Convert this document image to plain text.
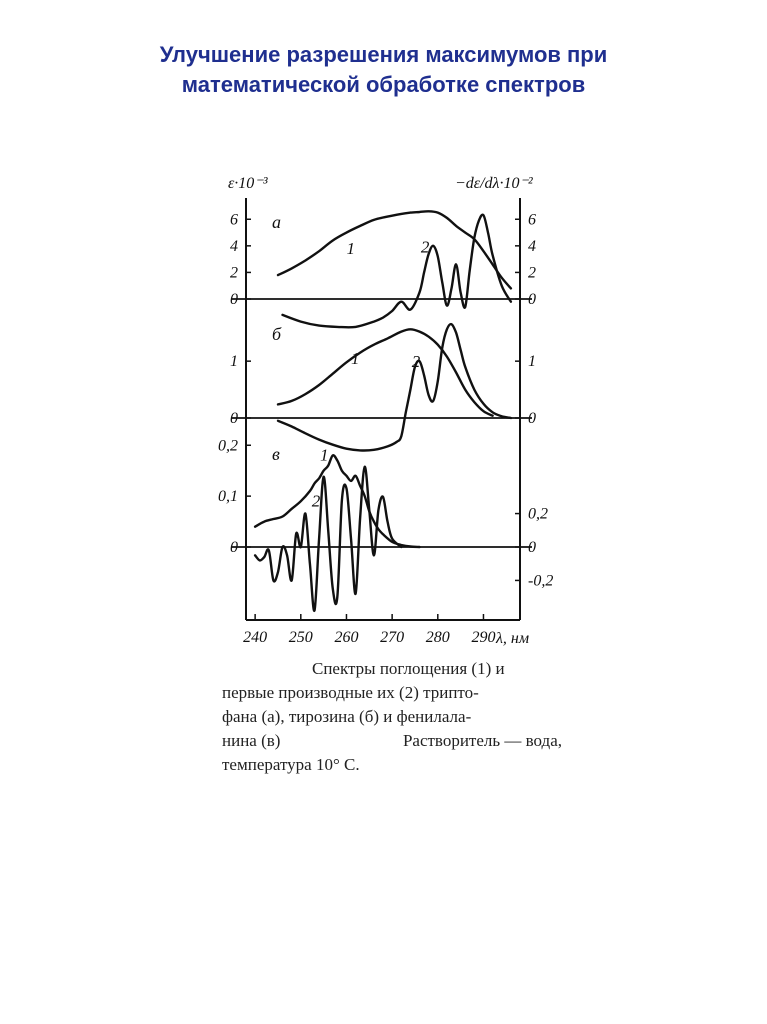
Улучшение разрешения максимумов при
математической обработке спектров
ε·10⁻³	−dε/dλ·10⁻²
λ, нм
240 250 260 270 280 290
а
0
2
4
6
0
2
4
6
1	2
б
0
1
0
1
1	2
в
0
0,1
0,2
-0,2
0
0,2
1
2
Спектры поглощения (1) и
первые производные их (2) трипто-
фана (а), тирозина (б) и фенилала-
нина (в)	Растворитель — вода,
температура 10° С.
